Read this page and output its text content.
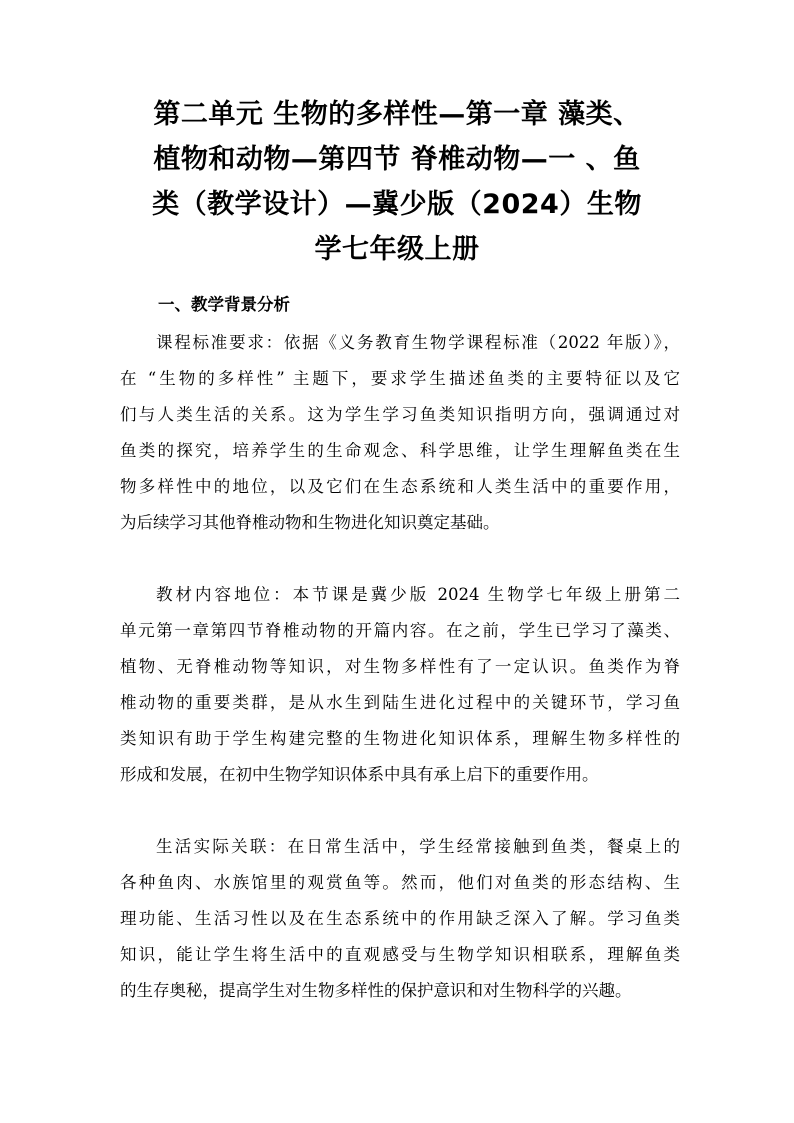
第二单元 生物的多样性—第一章 藻类、
植物和动物—第四节 脊椎动物—一 、鱼
类（教学设计）—冀少版（2024）生物
学七年级上册
一、教学背景分析
课程标准要求：依据《义务教育生物学课程标准（2022 年版）》，
在 “生物的多样性” 主题下，要求学生描述鱼类的主要特征以及它
们与人类生活的关系。这为学生学习鱼类知识指明方向，强调通过对
鱼类的探究，培养学生的生命观念、科学思维，让学生理解鱼类在生
物多样性中的地位，以及它们在生态系统和人类生活中的重要作用，
为后续学习其他脊椎动物和生物进化知识奠定基础。
教材内容地位：本节课是冀少版 2024 生物学七年级上册第二
单元第一章第四节脊椎动物的开篇内容。在之前，学生已学习了藻类、
植物、无脊椎动物等知识，对生物多样性有了一定认识。鱼类作为脊
椎动物的重要类群，是从水生到陆生进化过程中的关键环节，学习鱼
类知识有助于学生构建完整的生物进化知识体系，理解生物多样性的
形成和发展，在初中生物学知识体系中具有承上启下的重要作用。
生活实际关联：在日常生活中，学生经常接触到鱼类，餐桌上的
各种鱼肉、水族馆里的观赏鱼等。然而，他们对鱼类的形态结构、生
理功能、生活习性以及在生态系统中的作用缺乏深入了解。学习鱼类
知识，能让学生将生活中的直观感受与生物学知识相联系，理解鱼类
的生存奥秘，提高学生对生物多样性的保护意识和对生物科学的兴趣。
